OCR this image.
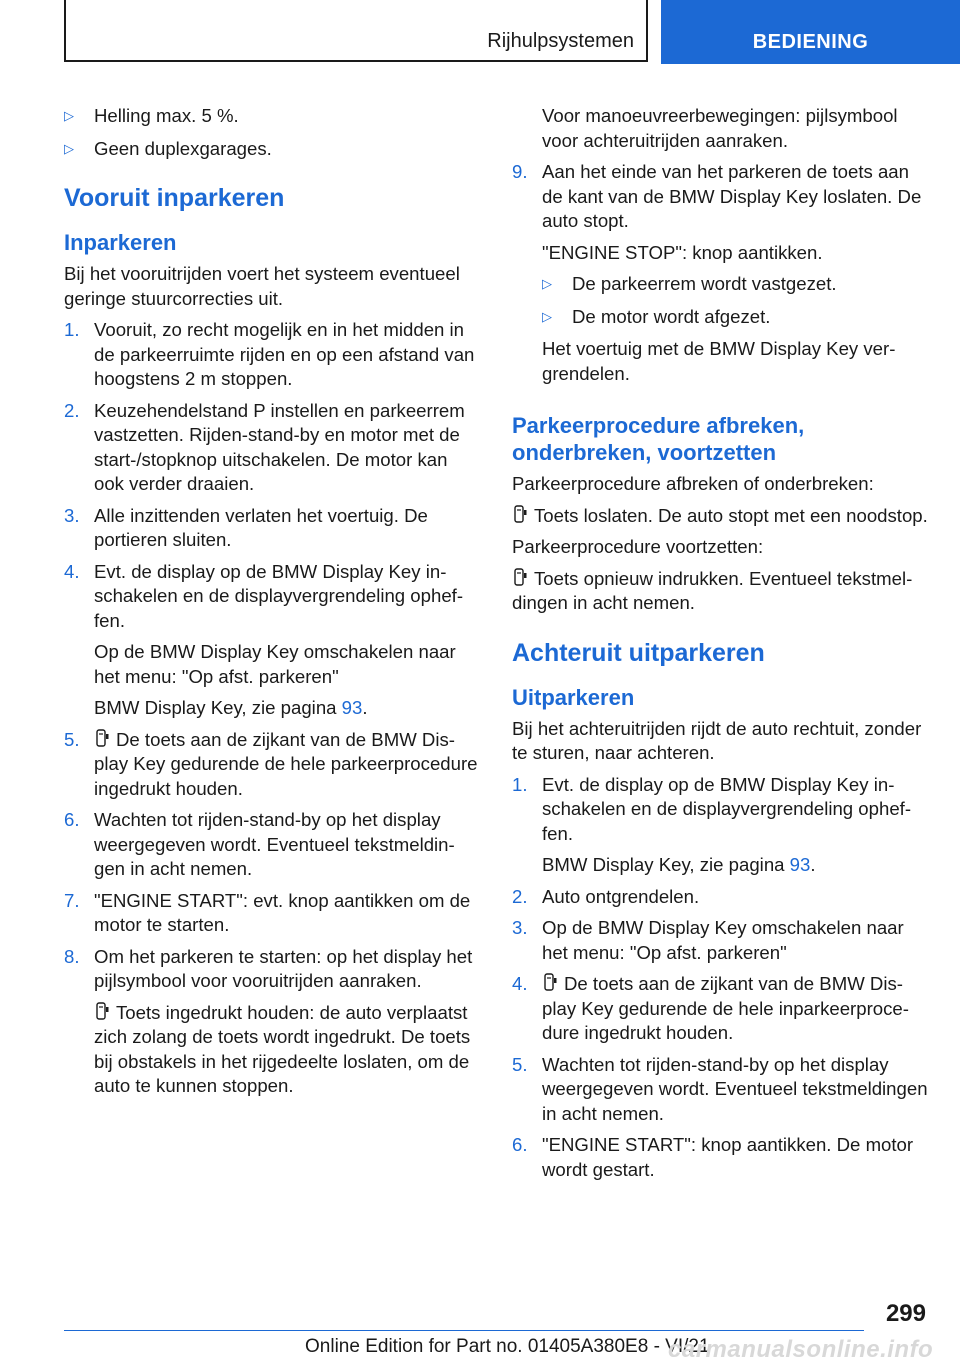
Rijhulpsystemen	BEDIENING
▷ Helling max. 5 %.
▷ Geen duplexgarages.
Vooruit inparkeren
Inparkeren

Bij het vooruitrijden voert het systeem eventueel geringe stuurcorrecties uit.

1. Vooruit, zo recht mogelijk en in het midden in de parkeerruimte rijden en op een afstand van hoogstens 2 m stoppen.
2. Keuzehendelstand P instellen en parkeerrem vastzetten. Rijden-stand-by en motor met de start-/stopknop uitschakelen. De motor kan ook verder draaien.
3. Alle inzittenden verlaten het voertuig. De portieren sluiten.
4. Evt. de display op de BMW Display Key inschakelen en de displayvergrendeling opheffen.
Op de BMW Display Key omschakelen naar het menu: "Op afst. parkeren"
BMW Display Key, zie pagina 93.
5. De toets aan de zijkant van de BMW Display Key gedurende de hele parkeerprocedure ingedrukt houden.
6. Wachten tot rijden-stand-by op het display weergegeven wordt. Eventueel tekstmeldingen in acht nemen.
7. "ENGINE START": evt. knop aantikken om de motor te starten.
8. Om het parkeren te starten: op het display het pijlsymbool voor vooruitrijden aanraken.
Toets ingedrukt houden: de auto verplaatst zich zolang de toets wordt ingedrukt. De toets bij obstakels in het rijgedeelte loslaten, om de auto te kunnen stoppen.
Voor manoeuvreerbewegingen: pijlsymbool voor achteruitrijden aanraken.
9. Aan het einde van het parkeren de toets aan de kant van de BMW Display Key loslaten. De auto stopt.
"ENGINE STOP": knop aantikken.
▷ De parkeerrem wordt vastgezet.
▷ De motor wordt afgezet.
Het voertuig met de BMW Display Key vergrendelen.
Parkeerprocedure afbreken, onderbreken, voortzetten

Parkeerprocedure afbreken of onderbreken:

Toets loslaten. De auto stopt met een noodstop.

Parkeerprocedure voortzetten:

Toets opnieuw indrukken. Eventueel tekstmeldingen in acht nemen.

Achteruit uitparkeren
Uitparkeren

Bij het achteruitrijden rijdt de auto rechtuit, zonder te sturen, naar achteren.

1. Evt. de display op de BMW Display Key inschakelen en de displayvergrendeling opheffen.
BMW Display Key, zie pagina 93.
2. Auto ontgrendelen.
3. Op de BMW Display Key omschakelen naar het menu: "Op afst. parkeren"
4. De toets aan de zijkant van de BMW Display Key gedurende de hele inparkeerprocedure ingedrukt houden.
5. Wachten tot rijden-stand-by op het display weergegeven wordt. Eventueel tekstmeldingen in acht nemen.
6. "ENGINE START": knop aantikken. De motor wordt gestart.
299
Online Edition for Part no. 01405A380E8 - VI/21
carmanualsonline.info
